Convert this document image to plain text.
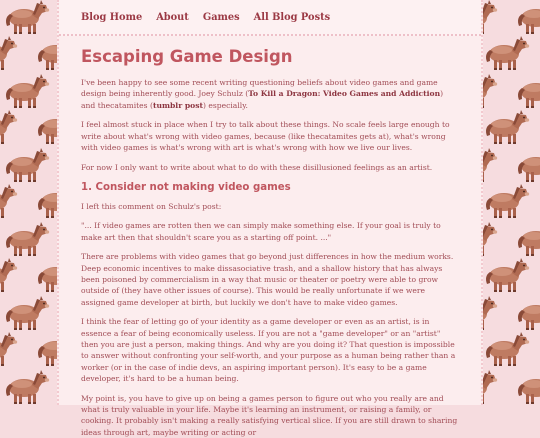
Blog Home About Games All Blog Posts
Escaping Game Design

I've been happy to see some recent writing questioning beliefs about video games and game design being inherently good. Joey Schulz (To Kill a Dragon: Video Games and Addiction) and thecatamites (tumblr post) especially.

I feel almost stuck in place when I try to talk about these things. No scale feels large enough to write about what's wrong with video games, because (like thecatamites gets at), what's wrong with video games is what's wrong with art is what's wrong with how we live our lives.

For now I only want to write about what to do with these disillusioned feelings as an artist.

1. Consider not making video games

I left this comment on Schulz's post:

"... If video games are rotten then we can simply make something else. If your goal is truly to make art then that shouldn't scare you as a starting off point. ..."

There are problems with video games that go beyond just differences in how the medium works. Deep economic incentives to make dissasociative trash, and a shallow history that has always been poisoned by commercialism in a way that music or theater or poetry were able to grow outside of (they have other issues of course). This would be really unfortunate if we were assigned game developer at birth, but luckily we don't have to make video games.

I think the fear of letting go of your identity as a game developer or even as an artist, is in essence a fear of being economically useless. If you are not a "game developer" or an "artist" then you are just a person, making things. And why are you doing it? That question is impossible to answer without confronting your self-worth, and your purpose as a human being rather than a worker (or in the case of indie devs, an aspiring important person). It's easy to be a game developer, it's hard to be a human being.

My point is, you have to give up on being a games person to figure out who you really are and what is truly valuable in your life. Maybe it's learning an instrument, or raising a family, or cooking. It probably isn't making a really satisfying vertical slice. If you are still drawn to sharing ideas through art, maybe writing or acting or
